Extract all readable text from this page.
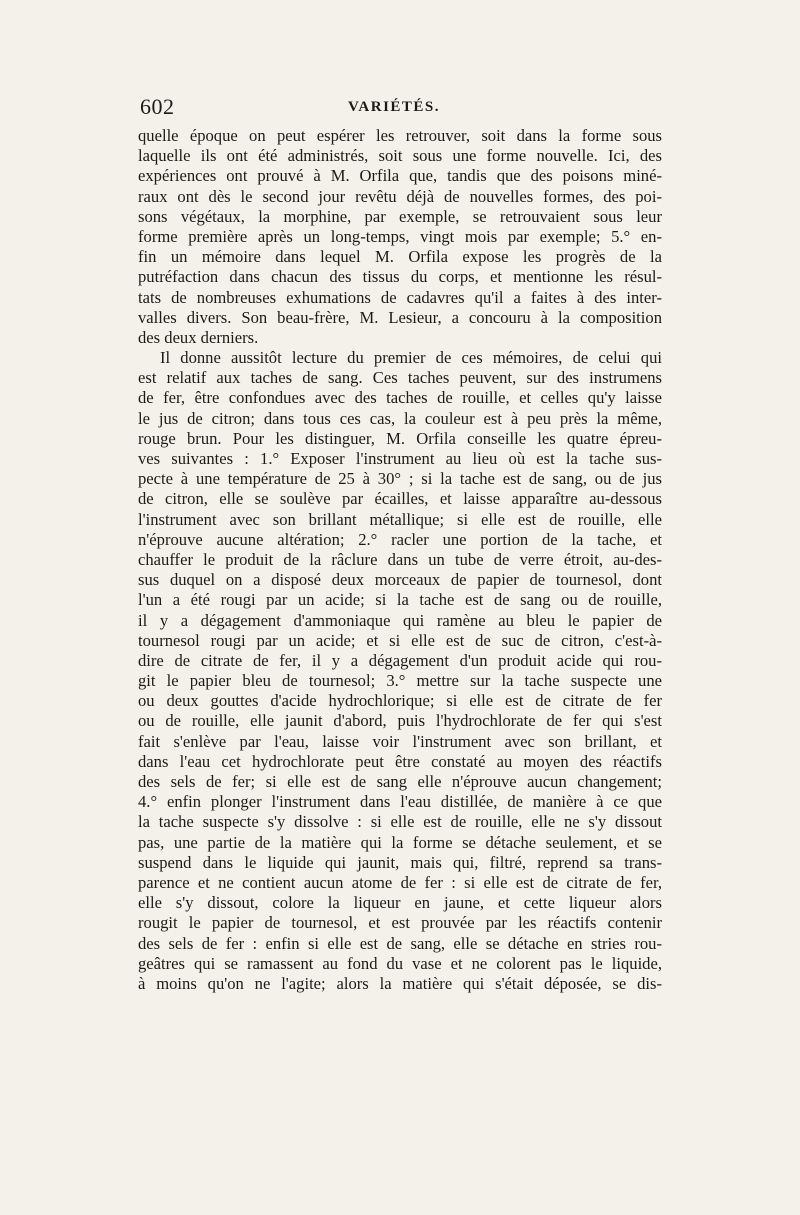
602	VARIÉTÉS.
quelle époque on peut espérer les retrouver, soit dans la forme sous
laquelle ils ont été administrés, soit sous une forme nouvelle. Ici, des
expériences ont prouvé à M. Orfila que, tandis que des poisons miné-
raux ont dès le second jour revêtu déjà de nouvelles formes, des poi-
sons végétaux, la morphine, par exemple, se retrouvaient sous leur
forme première après un long-temps, vingt mois par exemple; 5.° en-
fin un mémoire dans lequel M. Orfila expose les progrès de la
putréfaction dans chacun des tissus du corps, et mentionne les résul-
tats de nombreuses exhumations de cadavres qu'il a faites à des inter-
valles divers. Son beau-frère, M. Lesieur, a concouru à la composition
des deux derniers.
Il donne aussitôt lecture du premier de ces mémoires, de celui qui
est relatif aux taches de sang. Ces taches peuvent, sur des instrumens
de fer, être confondues avec des taches de rouille, et celles qu'y laisse
le jus de citron; dans tous ces cas, la couleur est à peu près la même,
rouge brun. Pour les distinguer, M. Orfila conseille les quatre épreu-
ves suivantes : 1.° Exposer l'instrument au lieu où est la tache sus-
pecte à une température de 25 à 30° ; si la tache est de sang, ou de jus
de citron, elle se soulève par écailles, et laisse apparaître au-dessous
l'instrument avec son brillant métallique; si elle est de rouille, elle
n'éprouve aucune altération; 2.° racler une portion de la tache, et
chauffer le produit de la râclure dans un tube de verre étroit, au-des-
sus duquel on a disposé deux morceaux de papier de tournesol, dont
l'un a été rougi par un acide; si la tache est de sang ou de rouille,
il y a dégagement d'ammoniaque qui ramène au bleu le papier de
tournesol rougi par un acide; et si elle est de suc de citron, c'est-à-
dire de citrate de fer, il y a dégagement d'un produit acide qui rou-
git le papier bleu de tournesol; 3.° mettre sur la tache suspecte une
ou deux gouttes d'acide hydrochlorique; si elle est de citrate de fer
ou de rouille, elle jaunit d'abord, puis l'hydrochlorate de fer qui s'est
fait s'enlève par l'eau, laisse voir l'instrument avec son brillant, et
dans l'eau cet hydrochlorate peut être constaté au moyen des réactifs
des sels de fer; si elle est de sang elle n'éprouve aucun changement;
4.° enfin plonger l'instrument dans l'eau distillée, de manière à ce que
la tache suspecte s'y dissolve : si elle est de rouille, elle ne s'y dissout
pas, une partie de la matière qui la forme se détache seulement, et se
suspend dans le liquide qui jaunit, mais qui, filtré, reprend sa trans-
parence et ne contient aucun atome de fer : si elle est de citrate de fer,
elle s'y dissout, colore la liqueur en jaune, et cette liqueur alors
rougit le papier de tournesol, et est prouvée par les réactifs contenir
des sels de fer : enfin si elle est de sang, elle se détache en stries rou-
geâtres qui se ramassent au fond du vase et ne colorent pas le liquide,
à moins qu'on ne l'agite; alors la matière qui s'était déposée, se dis-
